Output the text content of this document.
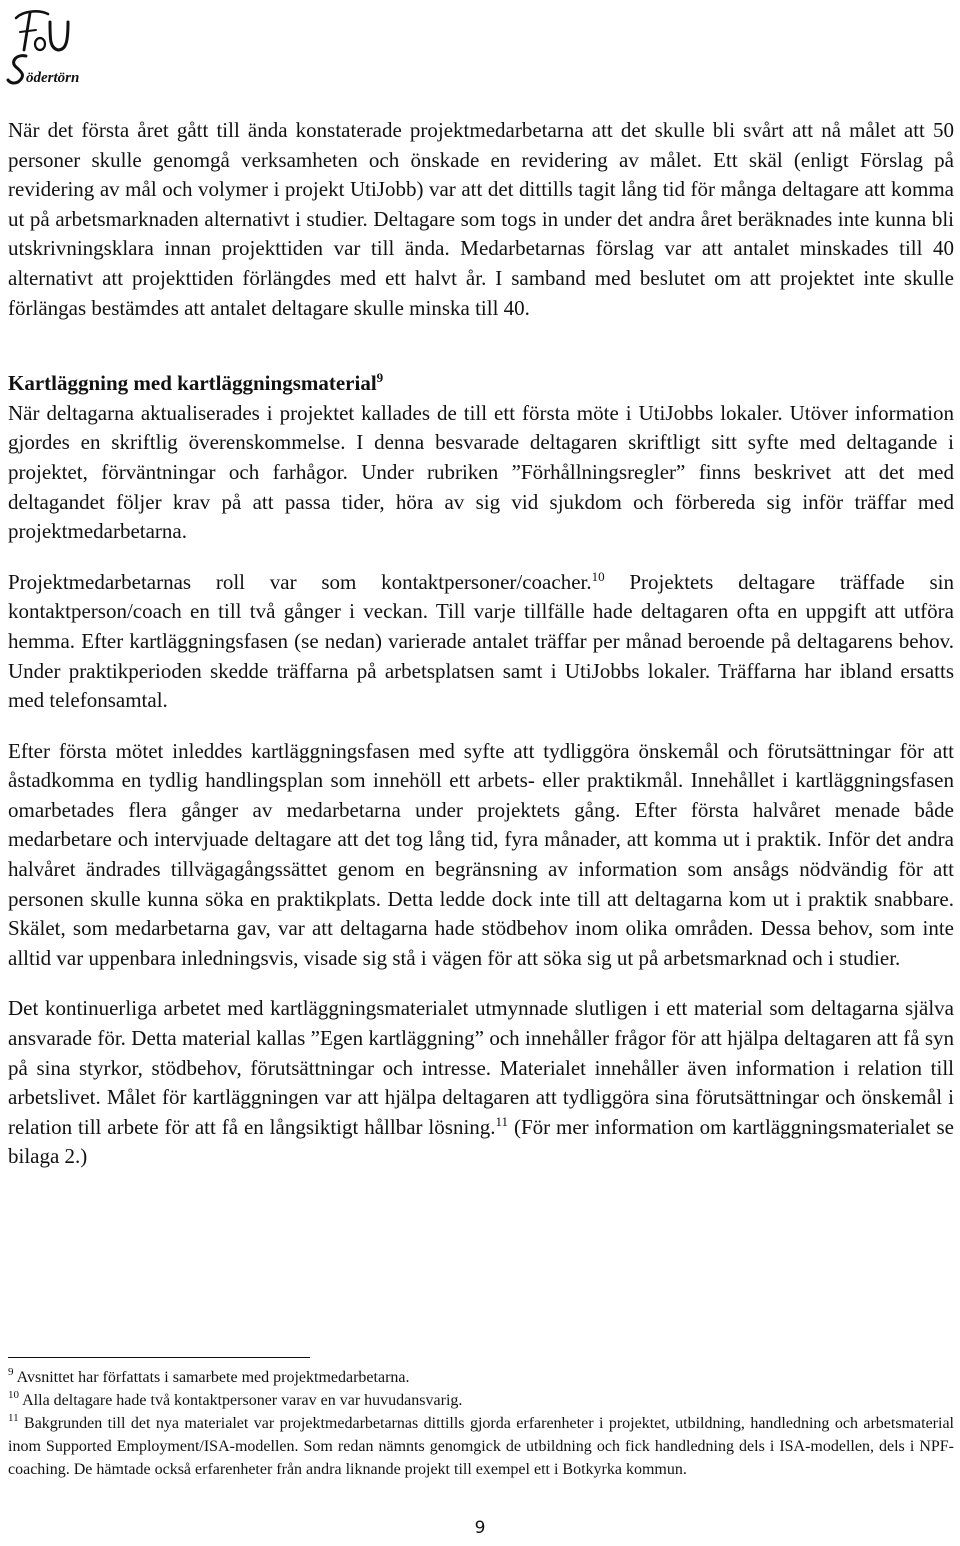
ödertörn

När det första året gått till ända konstaterade projektmedarbetarna att det skulle bli svårt att nå målet att 50 personer skulle genomgå verksamheten och önskade en revidering av målet. Ett skäl (enligt Förslag på revidering av mål och volymer i projekt UtiJobb) var att det dittills tagit lång tid för många deltagare att komma ut på arbetsmarknaden alternativt i studier. Deltagare som togs in under det andra året beräknades inte kunna bli utskrivningsklara innan projekttiden var till ända. Medarbetarnas förslag var att antalet minskades till 40 alternativt att projekttiden förlängdes med ett halvt år. I samband med beslutet om att projektet inte skulle förlängas bestämdes att antalet deltagare skulle minska till 40.

Kartläggning med kartläggningsmaterial$^9$

När deltagarna aktualiserades i projektet kallades de till ett första möte i UtiJobbs lokaler. Utöver information gjordes en skriftlig överenskommelse. I denna besvarade deltagaren skriftligt sitt syfte med deltagande i projektet, förväntningar och farhågor. Under rubriken ”Förhållningsregler” finns beskrivet att det med deltagandet följer krav på att passa tider, höra av sig vid sjukdom och förbereda sig inför träffar med projektmedarbetarna.

Projektmedarbetarnas roll var som kontaktpersoner/coacher.$^{10}$ Projektets deltagare träffade sin kontaktperson/coach en till två gånger i veckan. Till varje tillfälle hade deltagaren ofta en uppgift att utföra hemma. Efter kartläggningsfasen (se nedan) varierade antalet träffar per månad beroende på deltagarens behov. Under praktikperioden skedde träffarna på arbetsplatsen samt i UtiJobbs lokaler. Träffarna har ibland ersatts med telefonsamtal.

Efter första mötet inleddes kartläggningsfasen med syfte att tydliggöra önskemål och förutsättningar för att åstadkomma en tydlig handlingsplan som innehöll ett arbets- eller praktikmål. Innehållet i kartläggningsfasen omarbetades flera gånger av medarbetarna under projektets gång. Efter första halvåret menade både medarbetare och intervjuade deltagare att det tog lång tid, fyra månader, att komma ut i praktik. Inför det andra halvåret ändrades tillvägagångssättet genom en begränsning av information som ansågs nödvändig för att personen skulle kunna söka en praktikplats. Detta ledde dock inte till att deltagarna kom ut i praktik snabbare. Skälet, som medarbetarna gav, var att deltagarna hade stödbehov inom olika områden. Dessa behov, som inte alltid var uppenbara inledningsvis, visade sig stå i vägen för att söka sig ut på arbetsmarknad och i studier.

Det kontinuerliga arbetet med kartläggningsmaterialet utmynnade slutligen i ett material som deltagarna själva ansvarade för. Detta material kallas ”Egen kartläggning” och innehåller frågor för att hjälpa deltagaren att få syn på sina styrkor, stödbehov, förutsättningar och intresse. Materialet innehåller även information i relation till arbetslivet. Målet för kartläggningen var att hjälpa deltagaren att tydliggöra sina förutsättningar och önskemål i relation till arbete för att få en långsiktigt hållbar lösning.$^{11}$ (För mer information om kartläggningsmaterialet se bilaga 2.)

$^9$ Avsnittet har författats i samarbete med projektmedarbetarna.

$^{10}$ Alla deltagare hade två kontaktpersoner varav en var huvudansvarig.

$^{11}$ Bakgrunden till det nya materialet var projektmedarbetarnas dittills gjorda erfarenheter i projektet, utbildning, handledning och arbetsmaterial inom Supported Employment/ISA-modellen. Som redan nämnts genomgick de utbildning och fick handledning dels i ISA-modellen, dels i NPF-coaching. De hämtade också erfarenheter från andra liknande projekt till exempel ett i Botkyrka kommun.

9
